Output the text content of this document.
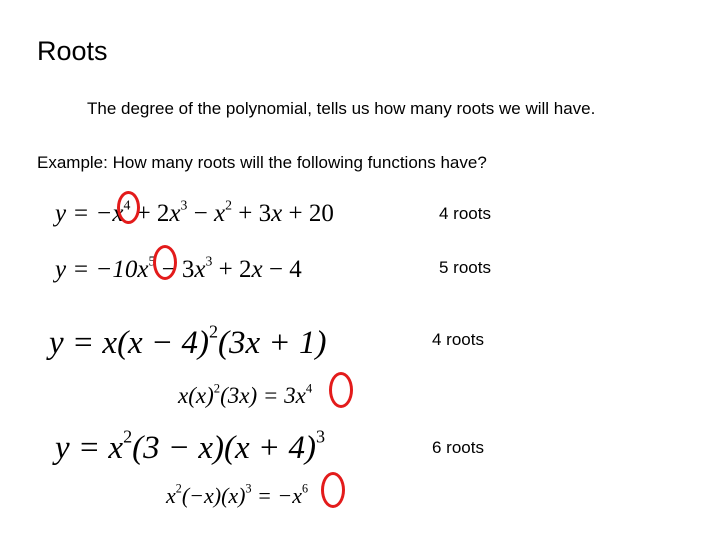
Roots
The degree of the polynomial, tells us how many roots we will have.
Example: How many roots will the following functions have?
$y = -x^4 + 2x^3 - x^2 + 3x + 20$	4 roots
$y = -10x^5 - 3x^3 + 2x - 4$	5 roots
$y = x(x - 4)^2(3x + 1)$
$x(x)^2(3x) = 3x^4$
4 roots
$y = x^2(3 - x)(x + 4)^3$
$x^2(-x)(x)^3 = -x^6$
6 roots
